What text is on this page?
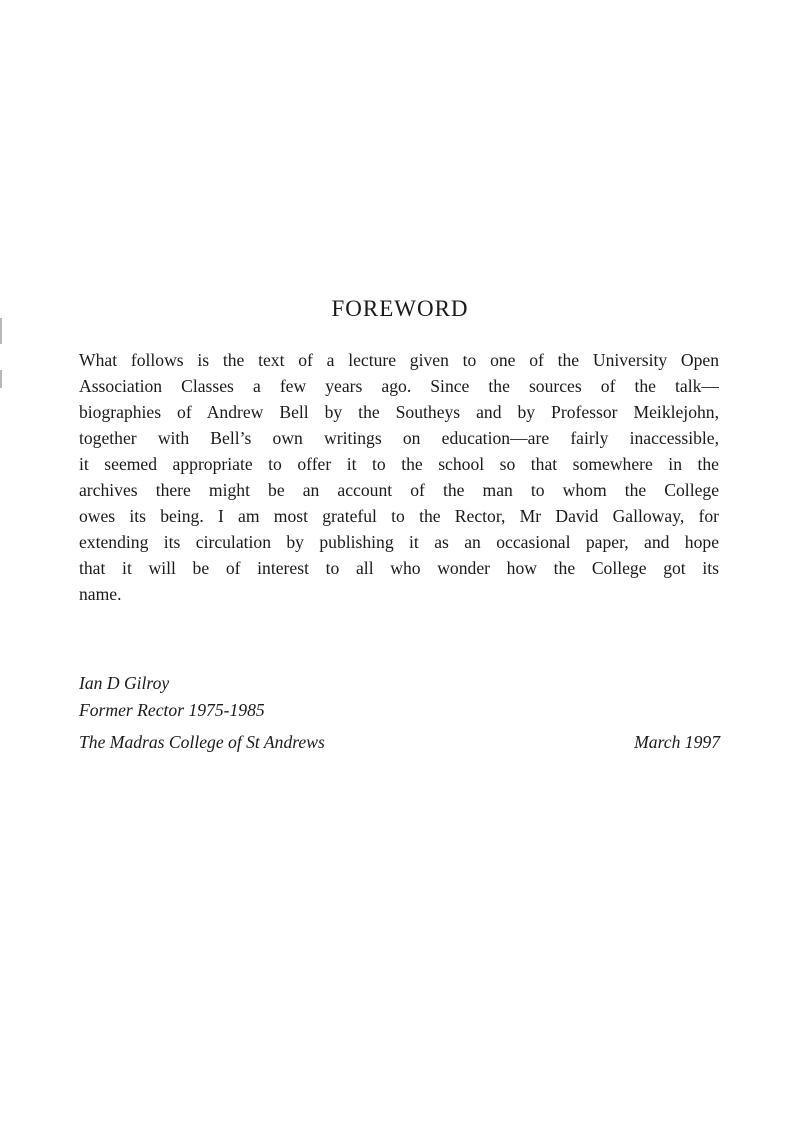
FOREWORD
What follows is the text of a lecture given to one of the University Open
Association Classes a few years ago. Since the sources of the talk—
biographies of Andrew Bell by the Southeys and by Professor Meiklejohn,
together with Bell’s own writings on education—are fairly inaccessible,
it seemed appropriate to offer it to the school so that somewhere in the
archives there might be an account of the man to whom the College
owes its being. I am most grateful to the Rector, Mr David Galloway, for
extending its circulation by publishing it as an occasional paper, and hope
that it will be of interest to all who wonder how the College got its
name.

Ian D Gilroy

Former Rector 1975-1985

The Madras College of St Andrews	March 1997
